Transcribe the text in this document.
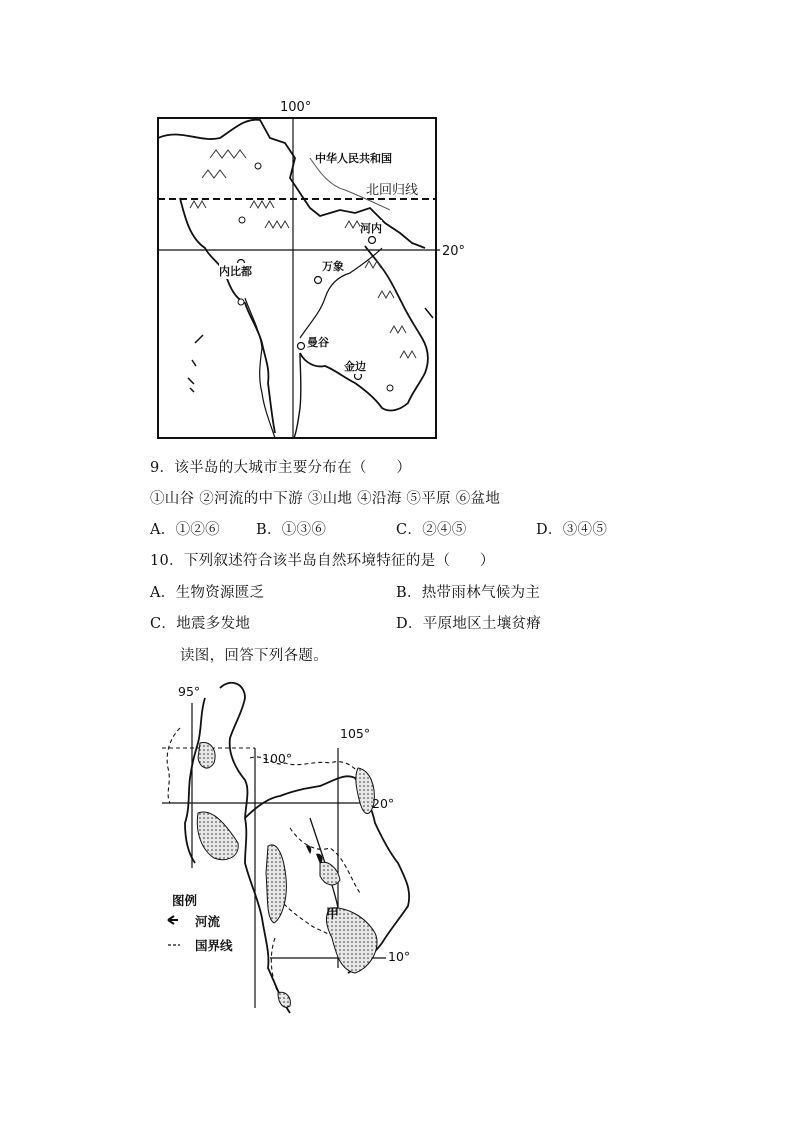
100°
20°
中华人民共和国
北回归线
河内
内比都	万象
曼谷
金边
9．该半岛的大城市主要分布在（　　）
①山谷 ②河流的中下游 ③山地 ④沿海 ⑤平原 ⑥盆地
A．①②⑥ B．①③⑥	C．②④⑤	D．③④⑤
10．下列叙述符合该半岛自然环境特征的是（　　）
A．生物资源匮乏	B．热带雨林气候为主
C．地震多发地	D．平原地区土壤贫瘠
读图，回答下列各题。
95°
100°
105°
20°
10°
甲
图例
河流
国界线
